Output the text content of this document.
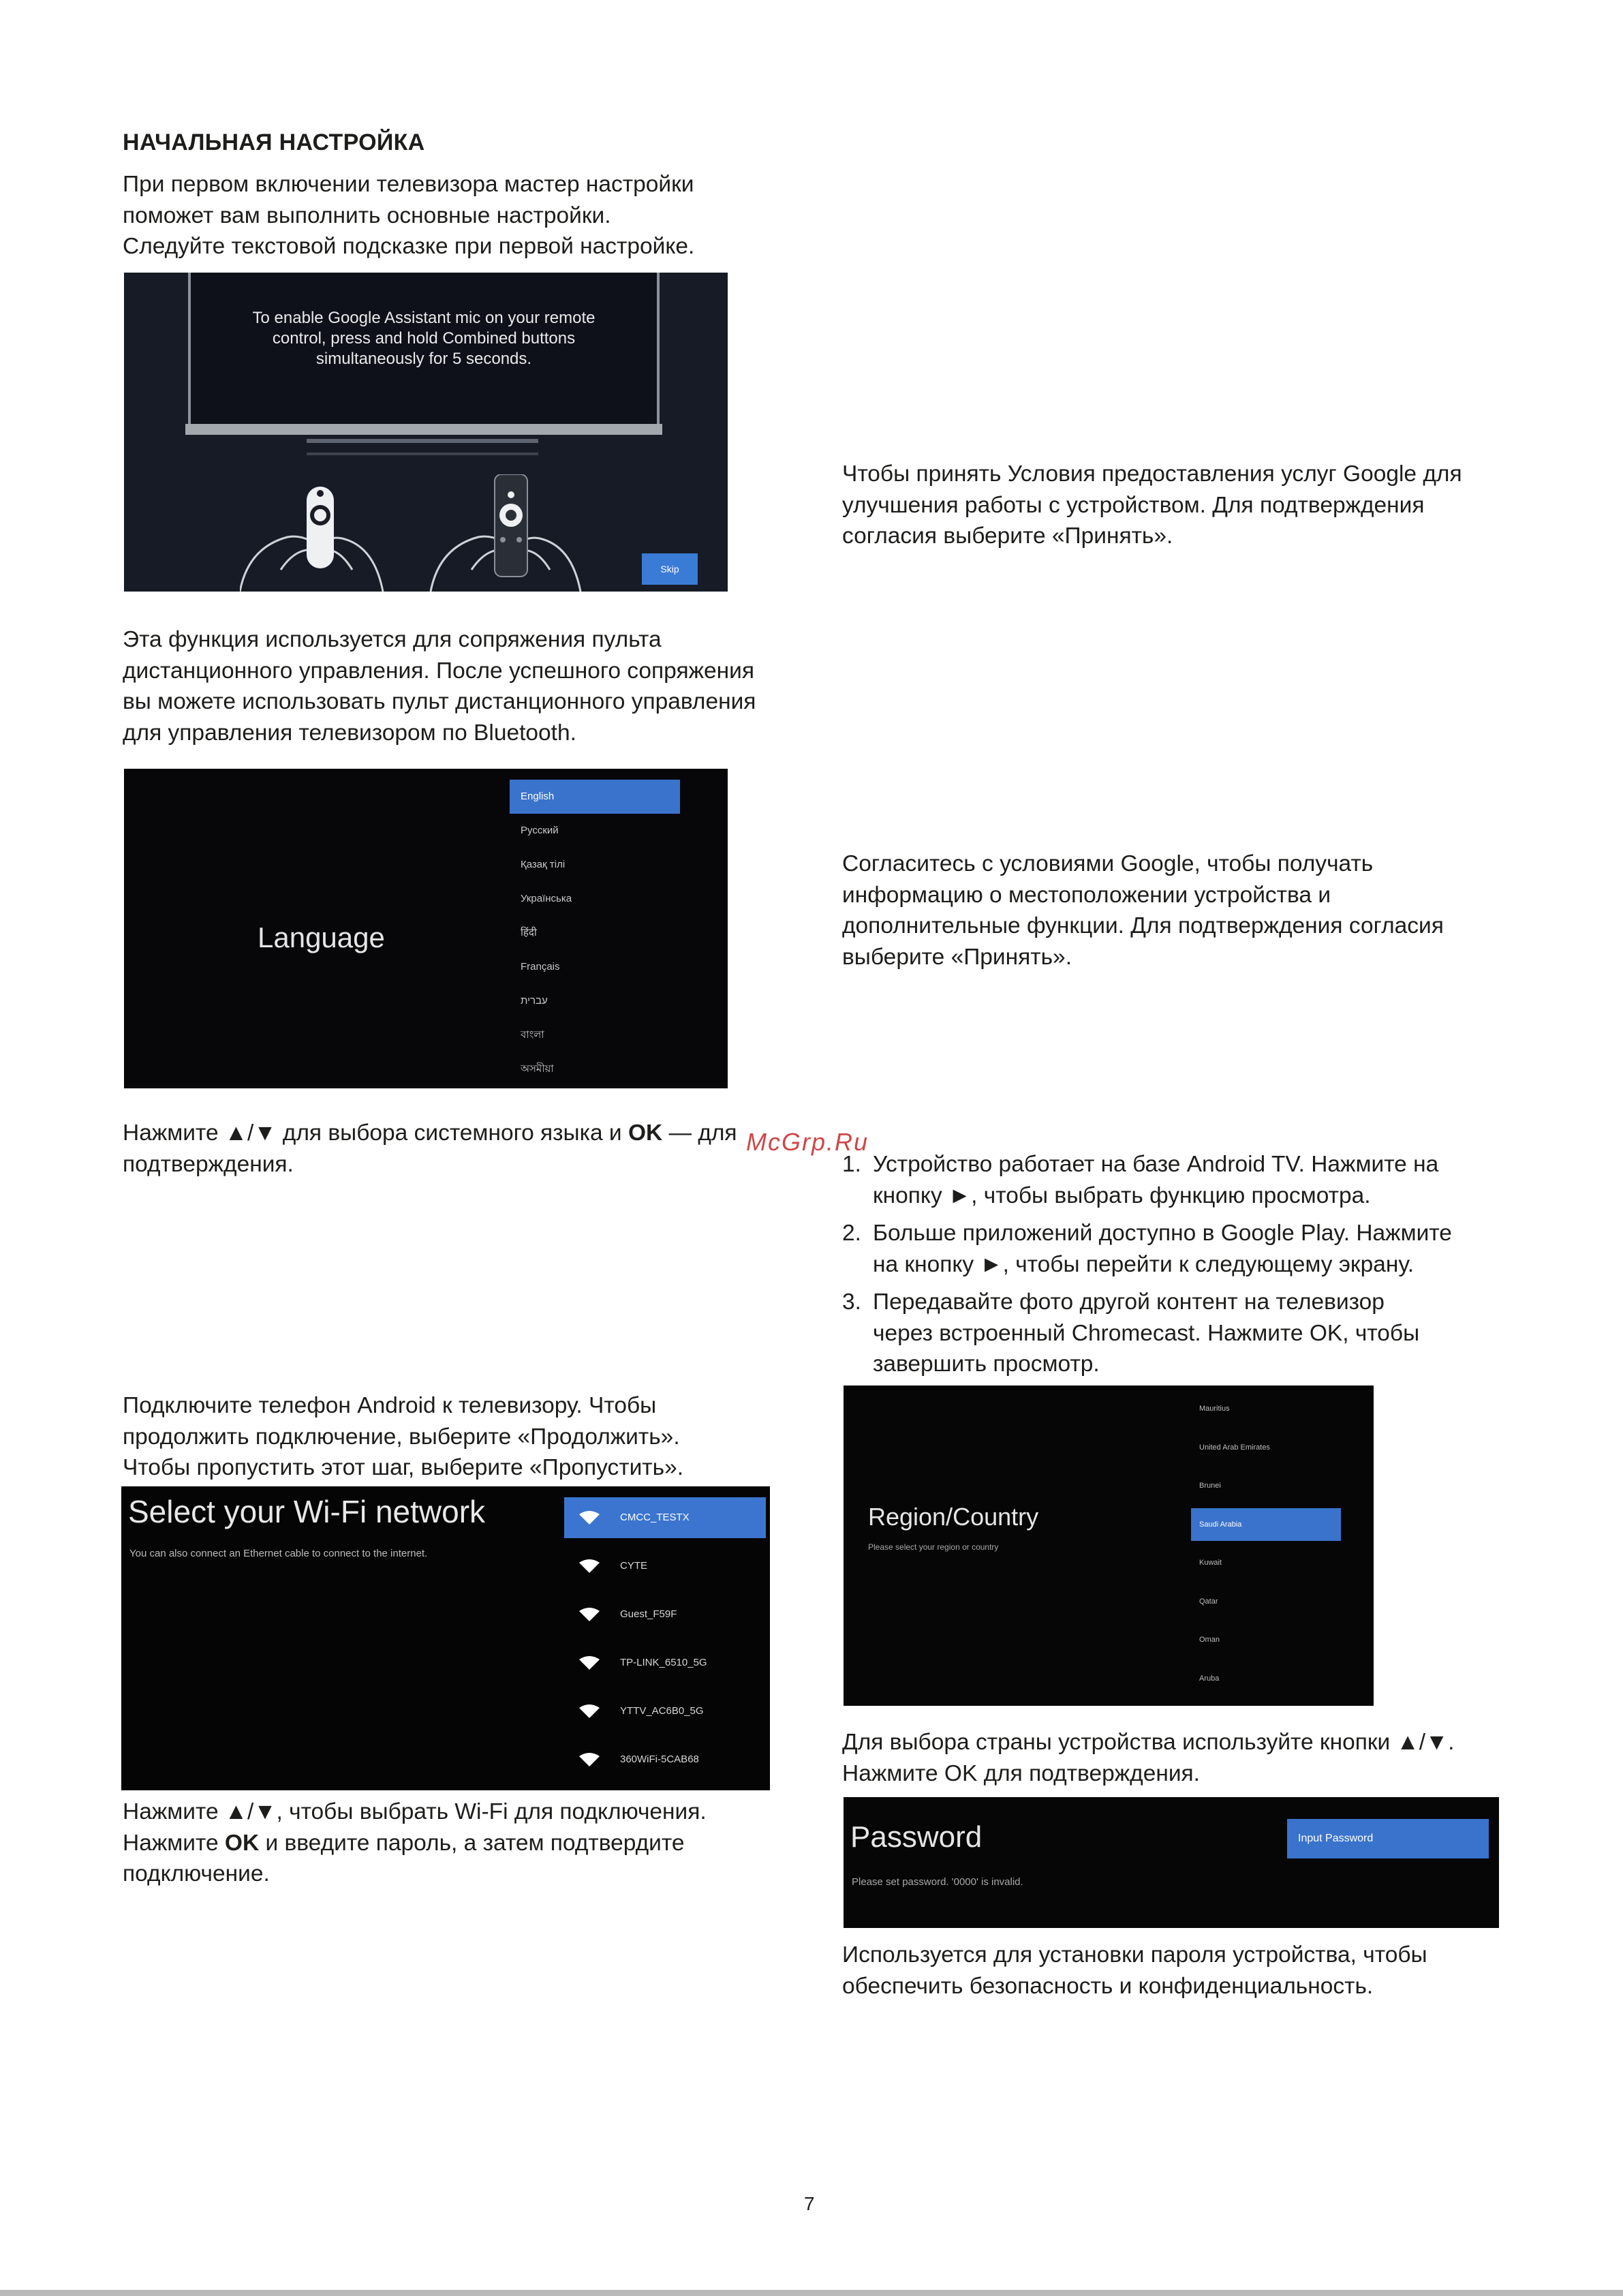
НАЧАЛЬНАЯ НАСТРОЙКА
При первом включении телевизора мастер настройки
поможет вам выполнить основные настройки.
Следуйте текстовой подсказке при первой настройке.
To enable Google Assistant mic on your remote
control, press and hold Combined buttons
simultaneously for 5 seconds.
Skip
Эта функция используется для сопряжения пульта
дистанционного управления. После успешного сопряжения
вы можете использовать пульт дистанционного управления
для управления телевизором по Bluetooth.
Language
English
Русский
Қазақ тілі
Українська
हिंदी
Français
עברית
বাংলা
অসমীয়া
Нажмите ▲/▼ для выбора системного языка и OK — для
подтверждения.
McGrp.Ru
Чтобы принять Условия предоставления услуг Google для
улучшения работы с устройством. Для подтверждения
согласия выберите «Принять».
Согласитесь с условиями Google, чтобы получать
информацию о местоположении устройства и
дополнительные функции. Для подтверждения согласия
выберите «Принять».
1. Устройство работает на базе Android TV. Нажмите на
кнопку ►, чтобы выбрать функцию просмотра.
2. Больше приложений доступно в Google Play. Нажмите
на кнопку ►, чтобы перейти к следующему экрану.
3. Передавайте фото другой контент на телевизор
через встроенный Chromecast. Нажмите OK, чтобы
завершить просмотр.
Подключите телефон Android к телевизору. Чтобы
продолжить подключение, выберите «Продолжить».
Чтобы пропустить этот шаг, выберите «Пропустить».
Select your Wi-Fi network
You can also connect an Ethernet cable to connect to the internet.
CMCC_TESTX
CYTE
Guest_F59F
TP-LINK_6510_5G
YTTV_AC6B0_5G
360WiFi-5CAB68
Нажмите ▲/▼, чтобы выбрать Wi-Fi для подключения.
Нажмите OK и введите пароль, а затем подтвердите
подключение.
Region/Country
Please select your region or country
Mauritius
United Arab Emirates
Brunei
Saudi Arabia
Kuwait
Qatar
Oman
Aruba
Для выбора страны устройства используйте кнопки ▲/▼.
Нажмите OK для подтверждения.
Password
Please set password. '0000' is invalid.
Input Password
Используется для установки пароля устройства, чтобы
обеспечить безопасность и конфиденциальность.
7
